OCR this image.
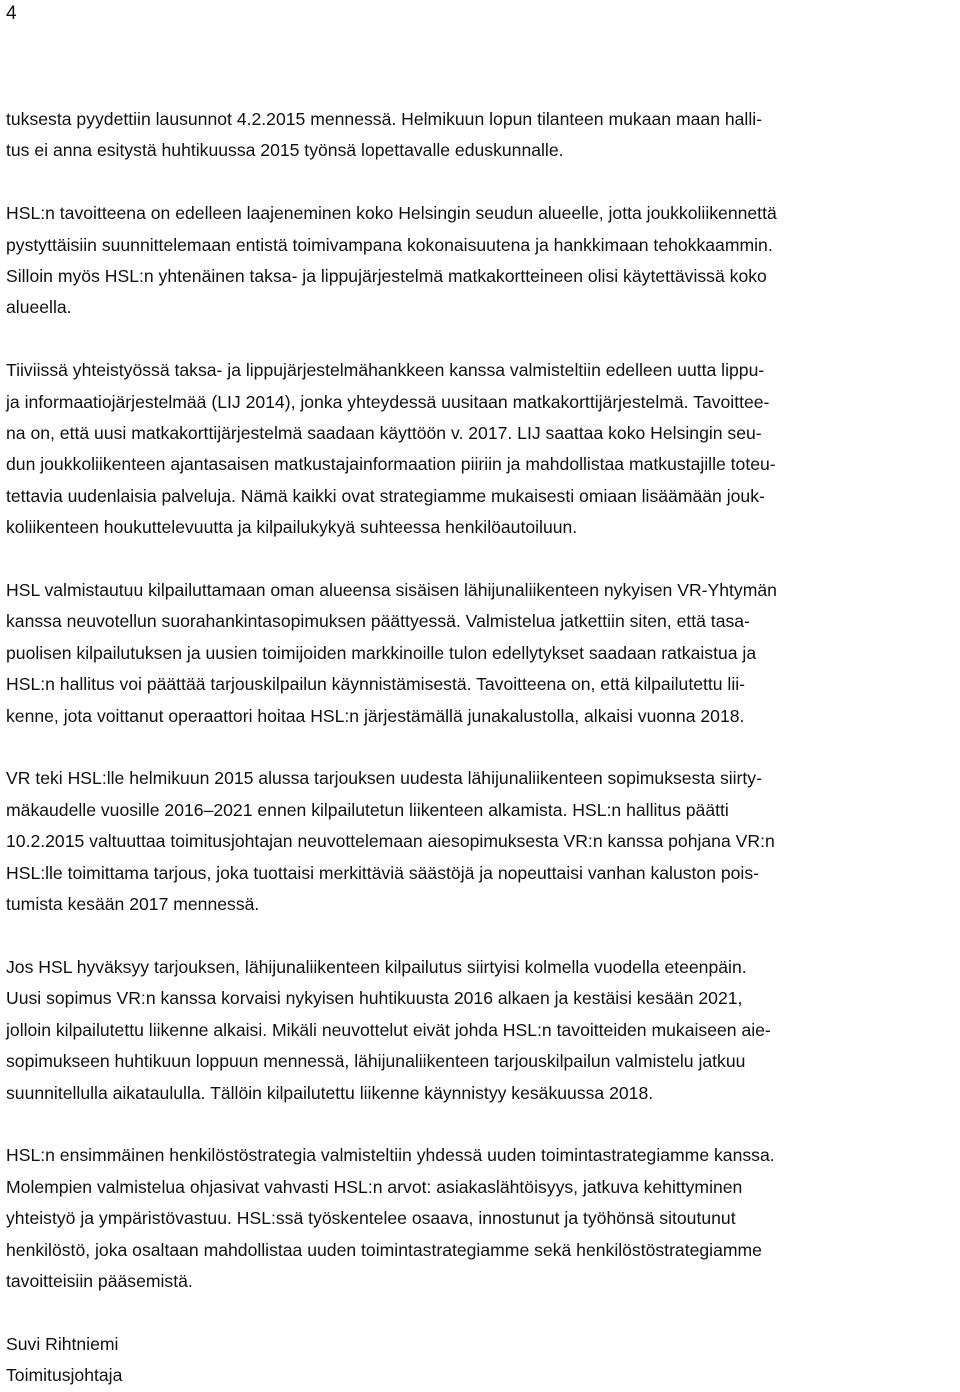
4

tuksesta pyydettiin lausunnot 4.2.2015 mennessä. Helmikuun lopun tilanteen mukaan maan halli-
tus ei anna esitystä huhtikuussa 2015 työnsä lopettavalle eduskunnalle.

HSL:n tavoitteena on edelleen laajeneminen koko Helsingin seudun alueelle, jotta joukkoliikennettä
pystyttäisiin suunnittelemaan entistä toimivampana kokonaisuutena ja hankkimaan tehokkaammin.
Silloin myös HSL:n yhtenäinen taksa- ja lippujärjestelmä matkakortteineen olisi käytettävissä koko
alueella.

Tiiviissä yhteistyössä taksa- ja lippujärjestelmähankkeen kanssa valmisteltiin edelleen uutta lippu-
ja informaatiojärjestelmää (LIJ 2014), jonka yhteydessä uusitaan matkakorttijärjestelmä. Tavoittee-
na on, että uusi matkakorttijärjestelmä saadaan käyttöön v. 2017. LIJ saattaa koko Helsingin seu-
dun joukkoliikenteen ajantasaisen matkustajainformaation piiriin ja mahdollistaa matkustajille toteu-
tettavia uudenlaisia palveluja. Nämä kaikki ovat strategiamme mukaisesti omiaan lisäämään jouk-
koliikenteen houkuttelevuutta ja kilpailukykyä suhteessa henkilöautoiluun.

HSL valmistautuu kilpailuttamaan oman alueensa sisäisen lähijunaliikenteen nykyisen VR-Yhtymän
kanssa neuvotellun suorahankintasopimuksen päättyessä. Valmistelua jatkettiin siten, että tasa-
puolisen kilpailutuksen ja uusien toimijoiden markkinoille tulon edellytykset saadaan ratkaistua ja
HSL:n hallitus voi päättää tarjouskilpailun käynnistämisestä. Tavoitteena on, että kilpailutettu lii-
kenne, jota voittanut operaattori hoitaa HSL:n järjestämällä junakalustolla, alkaisi vuonna 2018.

VR teki HSL:lle helmikuun 2015 alussa tarjouksen uudesta lähijunaliikenteen sopimuksesta siirty-
mäkaudelle vuosille 2016–2021 ennen kilpailutetun liikenteen alkamista. HSL:n hallitus päätti
10.2.2015 valtuuttaa toimitusjohtajan neuvottelemaan aiesopimuksesta VR:n kanssa pohjana VR:n
HSL:lle toimittama tarjous, joka tuottaisi merkittäviä säästöjä ja nopeuttaisi vanhan kaluston pois-
tumista kesään 2017 mennessä.

Jos HSL hyväksyy tarjouksen, lähijunaliikenteen kilpailutus siirtyisi kolmella vuodella eteenpäin.
Uusi sopimus VR:n kanssa korvaisi nykyisen huhtikuusta 2016 alkaen ja kestäisi kesään 2021,
jolloin kilpailutettu liikenne alkaisi. Mikäli neuvottelut eivät johda HSL:n tavoitteiden mukaiseen aie-
sopimukseen huhtikuun loppuun mennessä, lähijunaliikenteen tarjouskilpailun valmistelu jatkuu
suunnitellulla aikataululla. Tällöin kilpailutettu liikenne käynnistyy kesäkuussa 2018.

HSL:n ensimmäinen henkilöstöstrategia valmisteltiin yhdessä uuden toimintastrategiamme kanssa.
Molempien valmistelua ohjasivat vahvasti HSL:n arvot: asiakaslähtöisyys, jatkuva kehittyminen
yhteistyö ja ympäristövastuu. HSL:ssä työskentelee osaava, innostunut ja työhönsä sitoutunut
henkilöstö, joka osaltaan mahdollistaa uuden toimintastrategiamme sekä henkilöstöstrategiamme
tavoitteisiin pääsemistä.

Suvi Rihtniemi
Toimitusjohtaja
